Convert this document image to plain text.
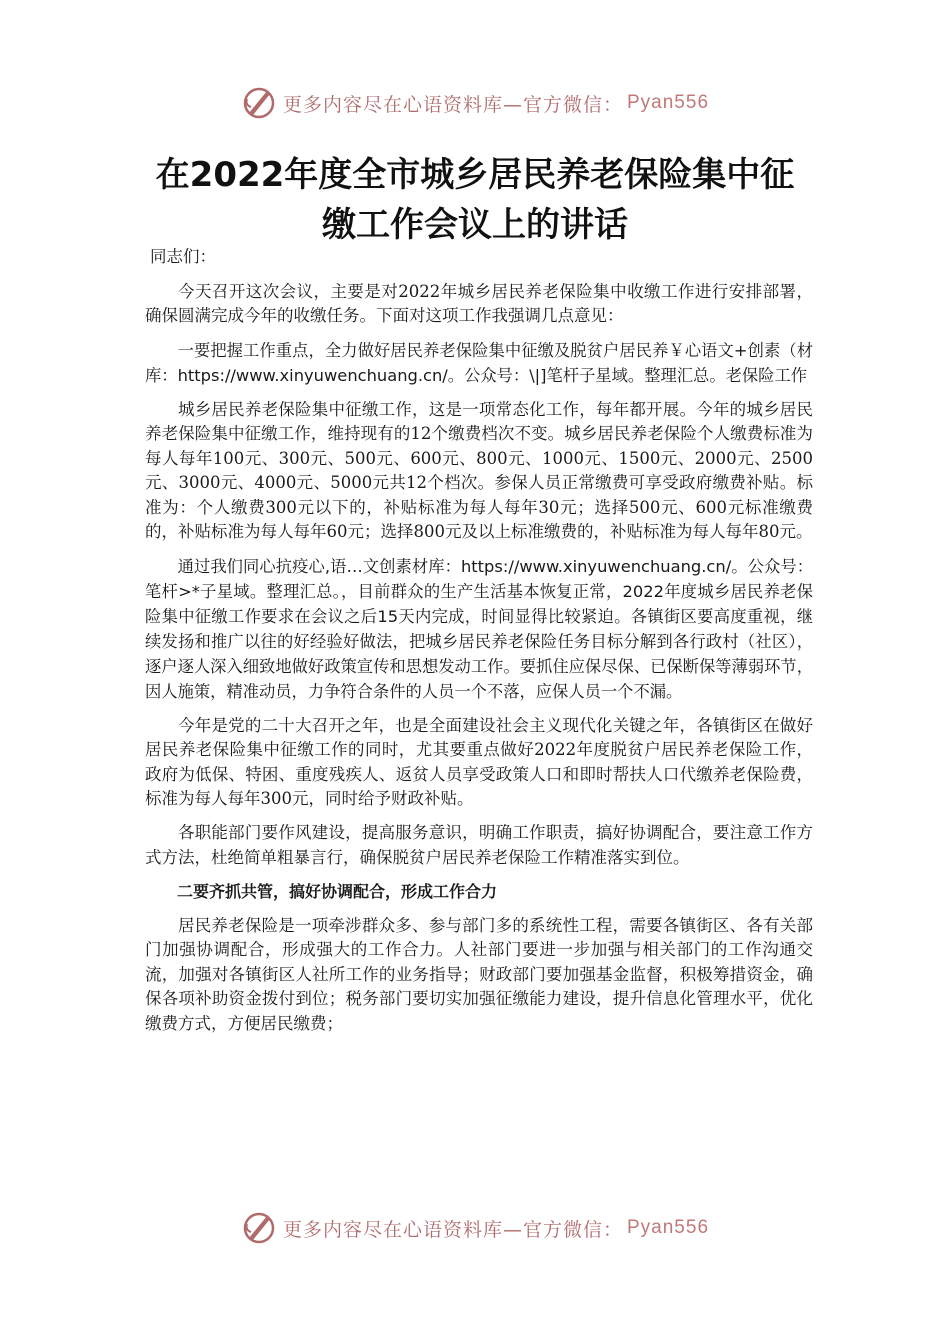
更多内容尽在心语资料库—官方微信： Pyan556
在2022年度全市城乡居民养老保险集中征
缴工作会议上的讲话

同志们：

今天召开这次会议，主要是对2022年城乡居民养老保险集中收缴工作进行安排部署，确保圆满完成今年的收缴任务。下面对这项工作我强调几点意见：

一要把握工作重点，全力做好居民养老保险集中征缴及脱贫户居民养￥心语文+创素（材库：https://www.xinyuwenchuang.cn/。公众号：\|]笔杆子星域。整理汇总。老保险工作

城乡居民养老保险集中征缴工作，这是一项常态化工作，每年都开展。今年的城乡居民养老保险集中征缴工作，维持现有的12个缴费档次不变。城乡居民养老保险个人缴费标准为每人每年100元、300元、500元、600元、800元、1000元、1500元、2000元、2500元、3000元、4000元、5000元共12个档次。参保人员正常缴费可享受政府缴费补贴。标准为：个人缴费300元以下的，补贴标准为每人每年30元；选择500元、600元标准缴费的，补贴标准为每人每年60元；选择800元及以上标准缴费的，补贴标准为每人每年80元。

通过我们同心抗疫心,语…文创素材库：https://www.xinyuwenchuang.cn/。公众号：笔杆>*子星域。整理汇总。，目前群众的生产生活基本恢复正常，2022年度城乡居民养老保险集中征缴工作要求在会议之后15天内完成，时间显得比较紧迫。各镇街区要高度重视，继续发扬和推广以往的好经验好做法，把城乡居民养老保险任务目标分解到各行政村（社区），逐户逐人深入细致地做好政策宣传和思想发动工作。要抓住应保尽保、已保断保等薄弱环节，因人施策，精准动员，力争符合条件的人员一个不落，应保人员一个不漏。

今年是党的二十大召开之年，也是全面建设社会主义现代化关键之年，各镇街区在做好居民养老保险集中征缴工作的同时，尤其要重点做好2022年度脱贫户居民养老保险工作，政府为低保、特困、重度残疾人、返贫人员享受政策人口和即时帮扶人口代缴养老保险费，标准为每人每年300元，同时给予财政补贴。

各职能部门要作风建设，提高服务意识，明确工作职责，搞好协调配合，要注意工作方式方法，杜绝简单粗暴言行，确保脱贫户居民养老保险工作精准落实到位。

二要齐抓共管，搞好协调配合，形成工作合力

居民养老保险是一项牵涉群众多、参与部门多的系统性工程，需要各镇街区、各有关部门加强协调配合，形成强大的工作合力。人社部门要进一步加强与相关部门的工作沟通交流，加强对各镇街区人社所工作的业务指导；财政部门要加强基金监督，积极筹措资金，确保各项补助资金拨付到位；税务部门要切实加强征缴能力建设，提升信息化管理水平，优化缴费方式，方便居民缴费；

更多内容尽在心语资料库—官方微信： Pyan556
